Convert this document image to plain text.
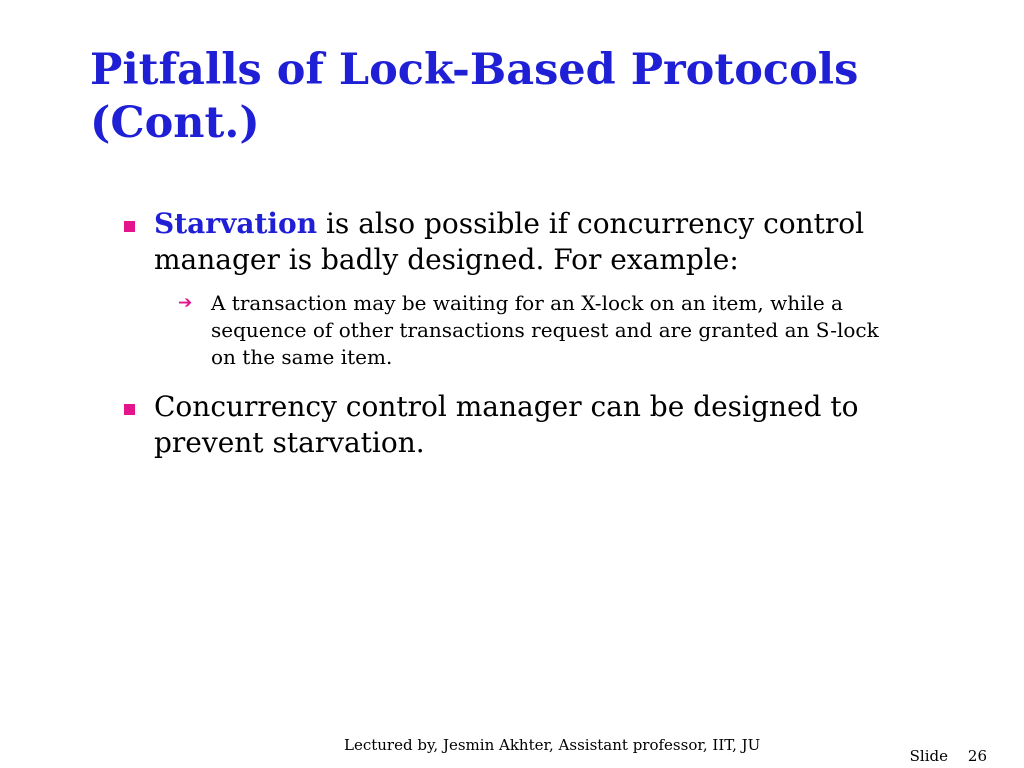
Pitfalls of Lock-Based Protocols
(Cont.)
Starvation is also possible if concurrency control manager is badly designed. For example:
➔ A transaction may be waiting for an X-lock on an item, while a sequence of other transactions request and are granted an S-lock on the same item.
Concurrency control manager can be designed to prevent starvation.
Lectured by, Jesmin Akhter, Assistant professor, IIT, JU
Slide 26
